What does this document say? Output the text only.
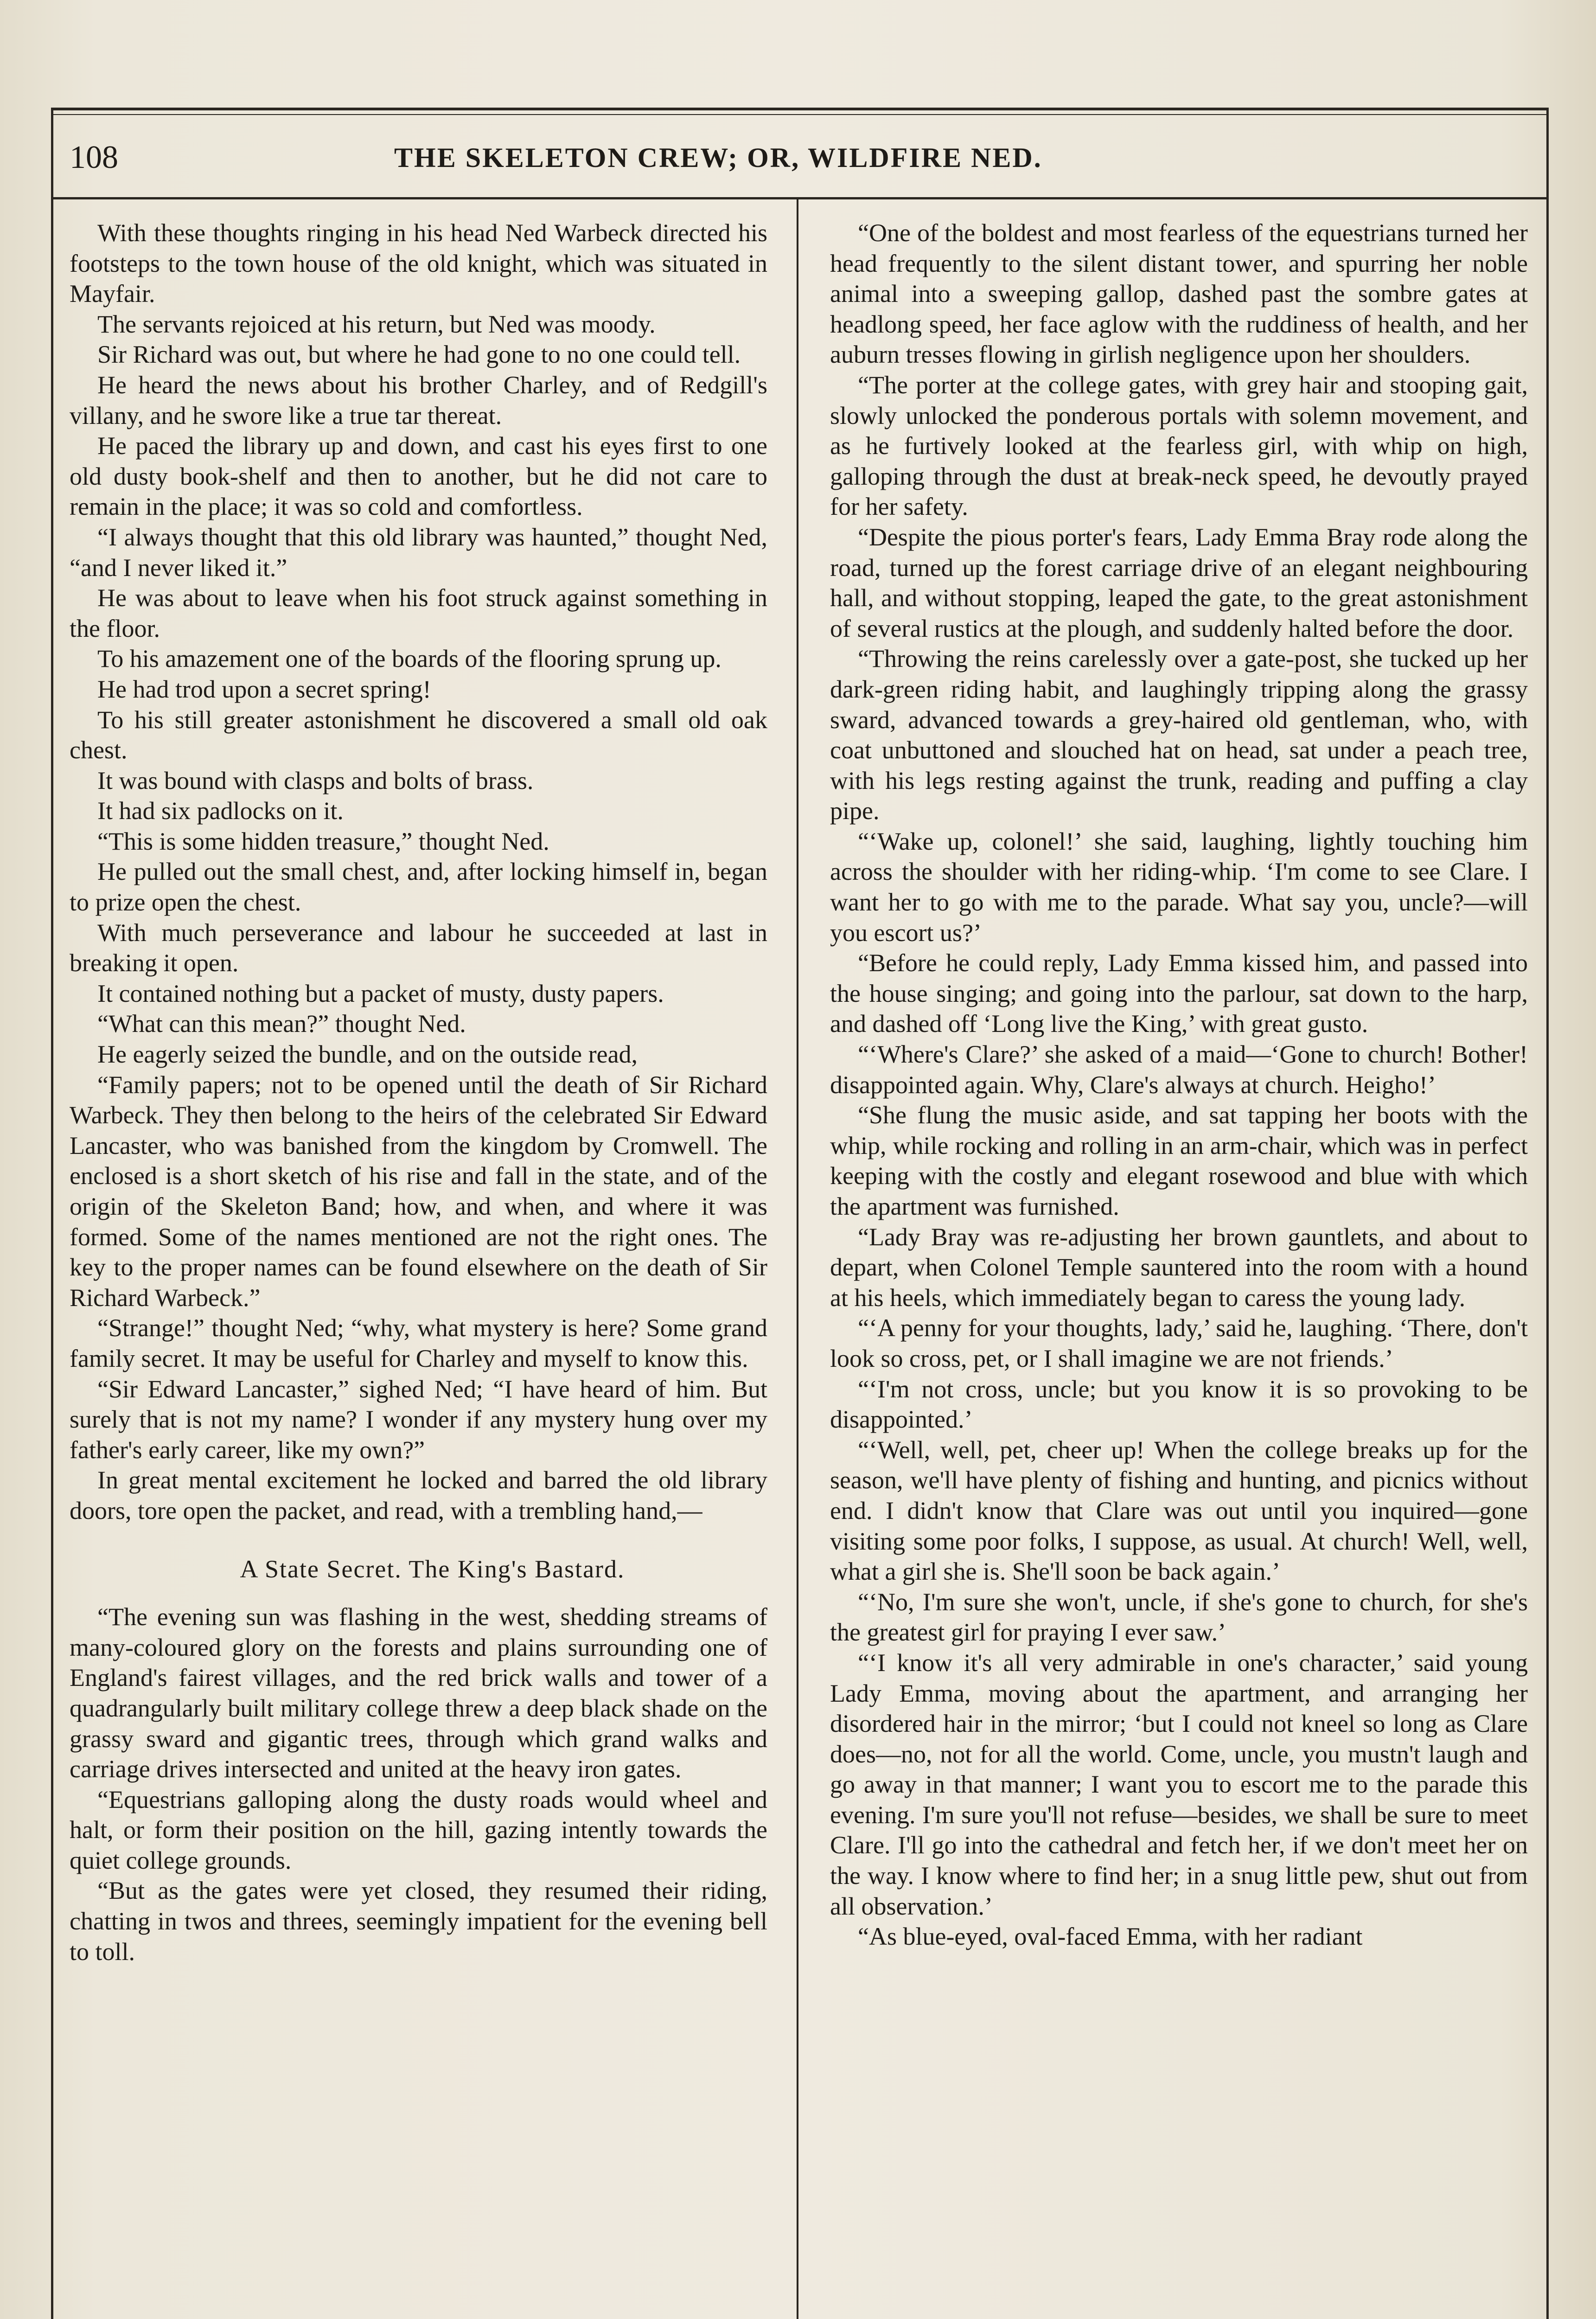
108	THE SKELETON CREW; OR, WILDFIRE NED.

With these thoughts ringing in his head Ned Warbeck directed his footsteps to the town house of the old knight, which was situated in Mayfair.

The servants rejoiced at his return, but Ned was moody.

Sir Richard was out, but where he had gone to no one could tell.

He heard the news about his brother Charley, and of Redgill's villany, and he swore like a true tar thereat.

He paced the library up and down, and cast his eyes first to one old dusty book-shelf and then to another, but he did not care to remain in the place; it was so cold and comfortless.

“I always thought that this old library was haunted,” thought Ned, “and I never liked it.”

He was about to leave when his foot struck against something in the floor.

To his amazement one of the boards of the flooring sprung up.

He had trod upon a secret spring!

To his still greater astonishment he discovered a small old oak chest.

It was bound with clasps and bolts of brass.

It had six padlocks on it.

“This is some hidden treasure,” thought Ned.

He pulled out the small chest, and, after locking himself in, began to prize open the chest.

With much perseverance and labour he succeeded at last in breaking it open.

It contained nothing but a packet of musty, dusty papers.

“What can this mean?” thought Ned.

He eagerly seized the bundle, and on the outside read,

“Family papers; not to be opened until the death of Sir Richard Warbeck. They then belong to the heirs of the celebrated Sir Edward Lancaster, who was banished from the kingdom by Cromwell. The enclosed is a short sketch of his rise and fall in the state, and of the origin of the Skeleton Band; how, and when, and where it was formed. Some of the names mentioned are not the right ones. The key to the proper names can be found elsewhere on the death of Sir Richard Warbeck.”

“Strange!” thought Ned; “why, what mystery is here? Some grand family secret. It may be useful for Charley and myself to know this.

“Sir Edward Lancaster,” sighed Ned; “I have heard of him. But surely that is not my name? I wonder if any mystery hung over my father's early career, like my own?”

In great mental excitement he locked and barred the old library doors, tore open the packet, and read, with a trembling hand,—

A State Secret. The King's Bastard.

“The evening sun was flashing in the west, shedding streams of many-coloured glory on the forests and plains surrounding one of England's fairest villages, and the red brick walls and tower of a quadrangularly built military college threw a deep black shade on the grassy sward and gigantic trees, through which grand walks and carriage drives intersected and united at the heavy iron gates.

“Equestrians galloping along the dusty roads would wheel and halt, or form their position on the hill, gazing intently towards the quiet college grounds.

“But as the gates were yet closed, they resumed their riding, chatting in twos and threes, seemingly impatient for the evening bell to toll.

“One of the boldest and most fearless of the equestrians turned her head frequently to the silent distant tower, and spurring her noble animal into a sweeping gallop, dashed past the sombre gates at headlong speed, her face aglow with the ruddiness of health, and her auburn tresses flowing in girlish negligence upon her shoulders.

“The porter at the college gates, with grey hair and stooping gait, slowly unlocked the ponderous portals with solemn movement, and as he furtively looked at the fearless girl, with whip on high, galloping through the dust at break-neck speed, he devoutly prayed for her safety.

“Despite the pious porter's fears, Lady Emma Bray rode along the road, turned up the forest carriage drive of an elegant neighbouring hall, and without stopping, leaped the gate, to the great astonishment of several rustics at the plough, and suddenly halted before the door.

“Throwing the reins carelessly over a gate-post, she tucked up her dark-green riding habit, and laughingly tripping along the grassy sward, advanced towards a grey-haired old gentleman, who, with coat unbuttoned and slouched hat on head, sat under a peach tree, with his legs resting against the trunk, reading and puffing a clay pipe.

“‘Wake up, colonel!’ she said, laughing, lightly touching him across the shoulder with her riding-whip. ‘I'm come to see Clare. I want her to go with me to the parade. What say you, uncle?—will you escort us?’

“Before he could reply, Lady Emma kissed him, and passed into the house singing; and going into the parlour, sat down to the harp, and dashed off ‘Long live the King,’ with great gusto.

“‘Where's Clare?’ she asked of a maid—‘Gone to church! Bother! disappointed again. Why, Clare's always at church. Heigho!’

“She flung the music aside, and sat tapping her boots with the whip, while rocking and rolling in an arm-chair, which was in perfect keeping with the costly and elegant rosewood and blue with which the apartment was furnished.

“Lady Bray was re-adjusting her brown gauntlets, and about to depart, when Colonel Temple sauntered into the room with a hound at his heels, which immediately began to caress the young lady.

“‘A penny for your thoughts, lady,’ said he, laughing. ‘There, don't look so cross, pet, or I shall imagine we are not friends.’

“‘I'm not cross, uncle; but you know it is so provoking to be disappointed.’

“‘Well, well, pet, cheer up! When the college breaks up for the season, we'll have plenty of fishing and hunting, and picnics without end. I didn't know that Clare was out until you inquired—gone visiting some poor folks, I suppose, as usual. At church! Well, well, what a girl she is. She'll soon be back again.’

“‘No, I'm sure she won't, uncle, if she's gone to church, for she's the greatest girl for praying I ever saw.’

“‘I know it's all very admirable in one's character,’ said young Lady Emma, moving about the apartment, and arranging her disordered hair in the mirror; ‘but I could not kneel so long as Clare does—no, not for all the world. Come, uncle, you mustn't laugh and go away in that manner; I want you to escort me to the parade this evening. I'm sure you'll not refuse—besides, we shall be sure to meet Clare. I'll go into the cathedral and fetch her, if we don't meet her on the way. I know where to find her; in a snug little pew, shut out from all observation.’

“As blue-eyed, oval-faced Emma, with her radiant
